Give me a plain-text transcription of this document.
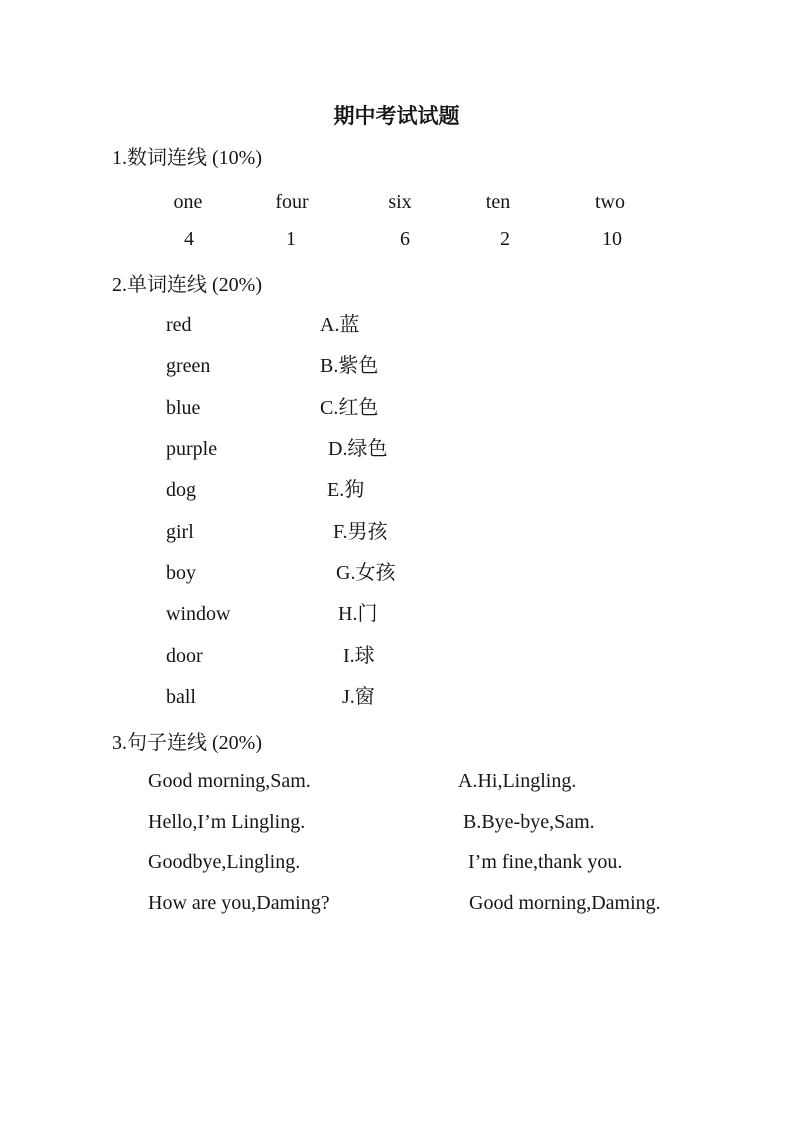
期中考试试题
1.数词连线 (10%)
one	four	six	ten	two
4	1	6	2	10
2.单词连线 (20%)
red	A.蓝
green	B.紫色
blue	C.红色
purple	D.绿色
dog	E.狗
girl	F.男孩
boy	G.女孩
window	H.门
door	I.球
ball	J.窗
3.句子连线 (20%)
Good morning,Sam.	A.Hi,Lingling.
Hello,I’m Lingling.	B.Bye-bye,Sam.
Goodbye,Lingling.	I’m fine,thank you.
How are you,Daming?	Good morning,Daming.
